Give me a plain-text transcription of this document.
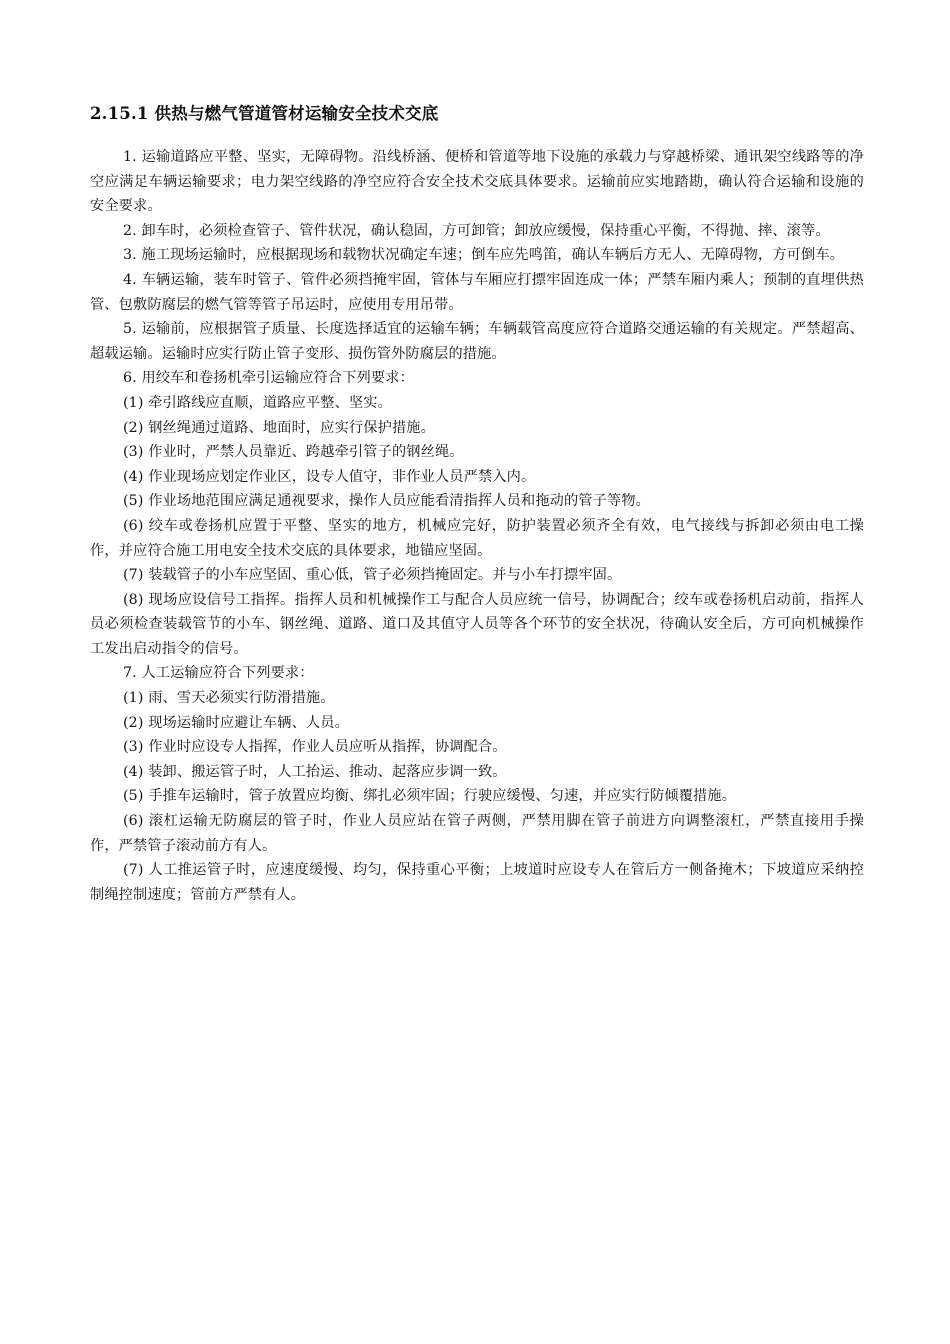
2.15.1 供热与燃气管道管材运输安全技术交底

1. 运输道路应平整、坚实，无障碍物。沿线桥涵、便桥和管道等地下设施的承载力与穿越桥梁、通讯架空线路等的净空应满足车辆运输要求；电力架空线路的净空应符合安全技术交底具体要求。运输前应实地踏勘，确认符合运输和设施的安全要求。

2. 卸车时，必须检查管子、管件状况，确认稳固，方可卸管；卸放应缓慢，保持重心平衡，不得抛、摔、滚等。

3. 施工现场运输时，应根据现场和载物状况确定车速；倒车应先鸣笛，确认车辆后方无人、无障碍物，方可倒车。

4. 车辆运输，装车时管子、管件必须挡掩牢固，管体与车厢应打摽牢固连成一体；严禁车厢内乘人；预制的直埋供热管、包敷防腐层的燃气管等管子吊运时，应使用专用吊带。

5. 运输前，应根据管子质量、长度选择适宜的运输车辆；车辆载管高度应符合道路交通运输的有关规定。严禁超高、超载运输。运输时应实行防止管子变形、损伤管外防腐层的措施。

6. 用绞车和卷扬机牵引运输应符合下列要求：

(1) 牵引路线应直顺，道路应平整、坚实。

(2) 钢丝绳通过道路、地面时，应实行保护措施。

(3) 作业时，严禁人员靠近、跨越牵引管子的钢丝绳。

(4) 作业现场应划定作业区，设专人值守，非作业人员严禁入内。

(5) 作业场地范围应满足通视要求，操作人员应能看清指挥人员和拖动的管子等物。

(6) 绞车或卷扬机应置于平整、坚实的地方，机械应完好，防护装置必须齐全有效，电气接线与拆卸必须由电工操作，并应符合施工用电安全技术交底的具体要求，地锚应坚固。

(7) 装载管子的小车应坚固、重心低，管子必须挡掩固定。并与小车打摽牢固。

(8) 现场应设信号工指挥。指挥人员和机械操作工与配合人员应统一信号，协调配合；绞车或卷扬机启动前，指挥人员必须检查装载管节的小车、钢丝绳、道路、道口及其值守人员等各个环节的安全状况，待确认安全后，方可向机械操作工发出启动指令的信号。

7. 人工运输应符合下列要求：

(1) 雨、雪天必须实行防滑措施。

(2) 现场运输时应避让车辆、人员。

(3) 作业时应设专人指挥，作业人员应听从指挥，协调配合。

(4) 装卸、搬运管子时，人工抬运、推动、起落应步调一致。

(5) 手推车运输时，管子放置应均衡、绑扎必须牢固；行驶应缓慢、匀速，并应实行防倾覆措施。

(6) 滚杠运输无防腐层的管子时，作业人员应站在管子两侧，严禁用脚在管子前进方向调整滚杠，严禁直接用手操作，严禁管子滚动前方有人。

(7) 人工推运管子时，应速度缓慢、均匀，保持重心平衡；上坡道时应设专人在管后方一侧备掩木；下坡道应采纳控制绳控制速度；管前方严禁有人。
